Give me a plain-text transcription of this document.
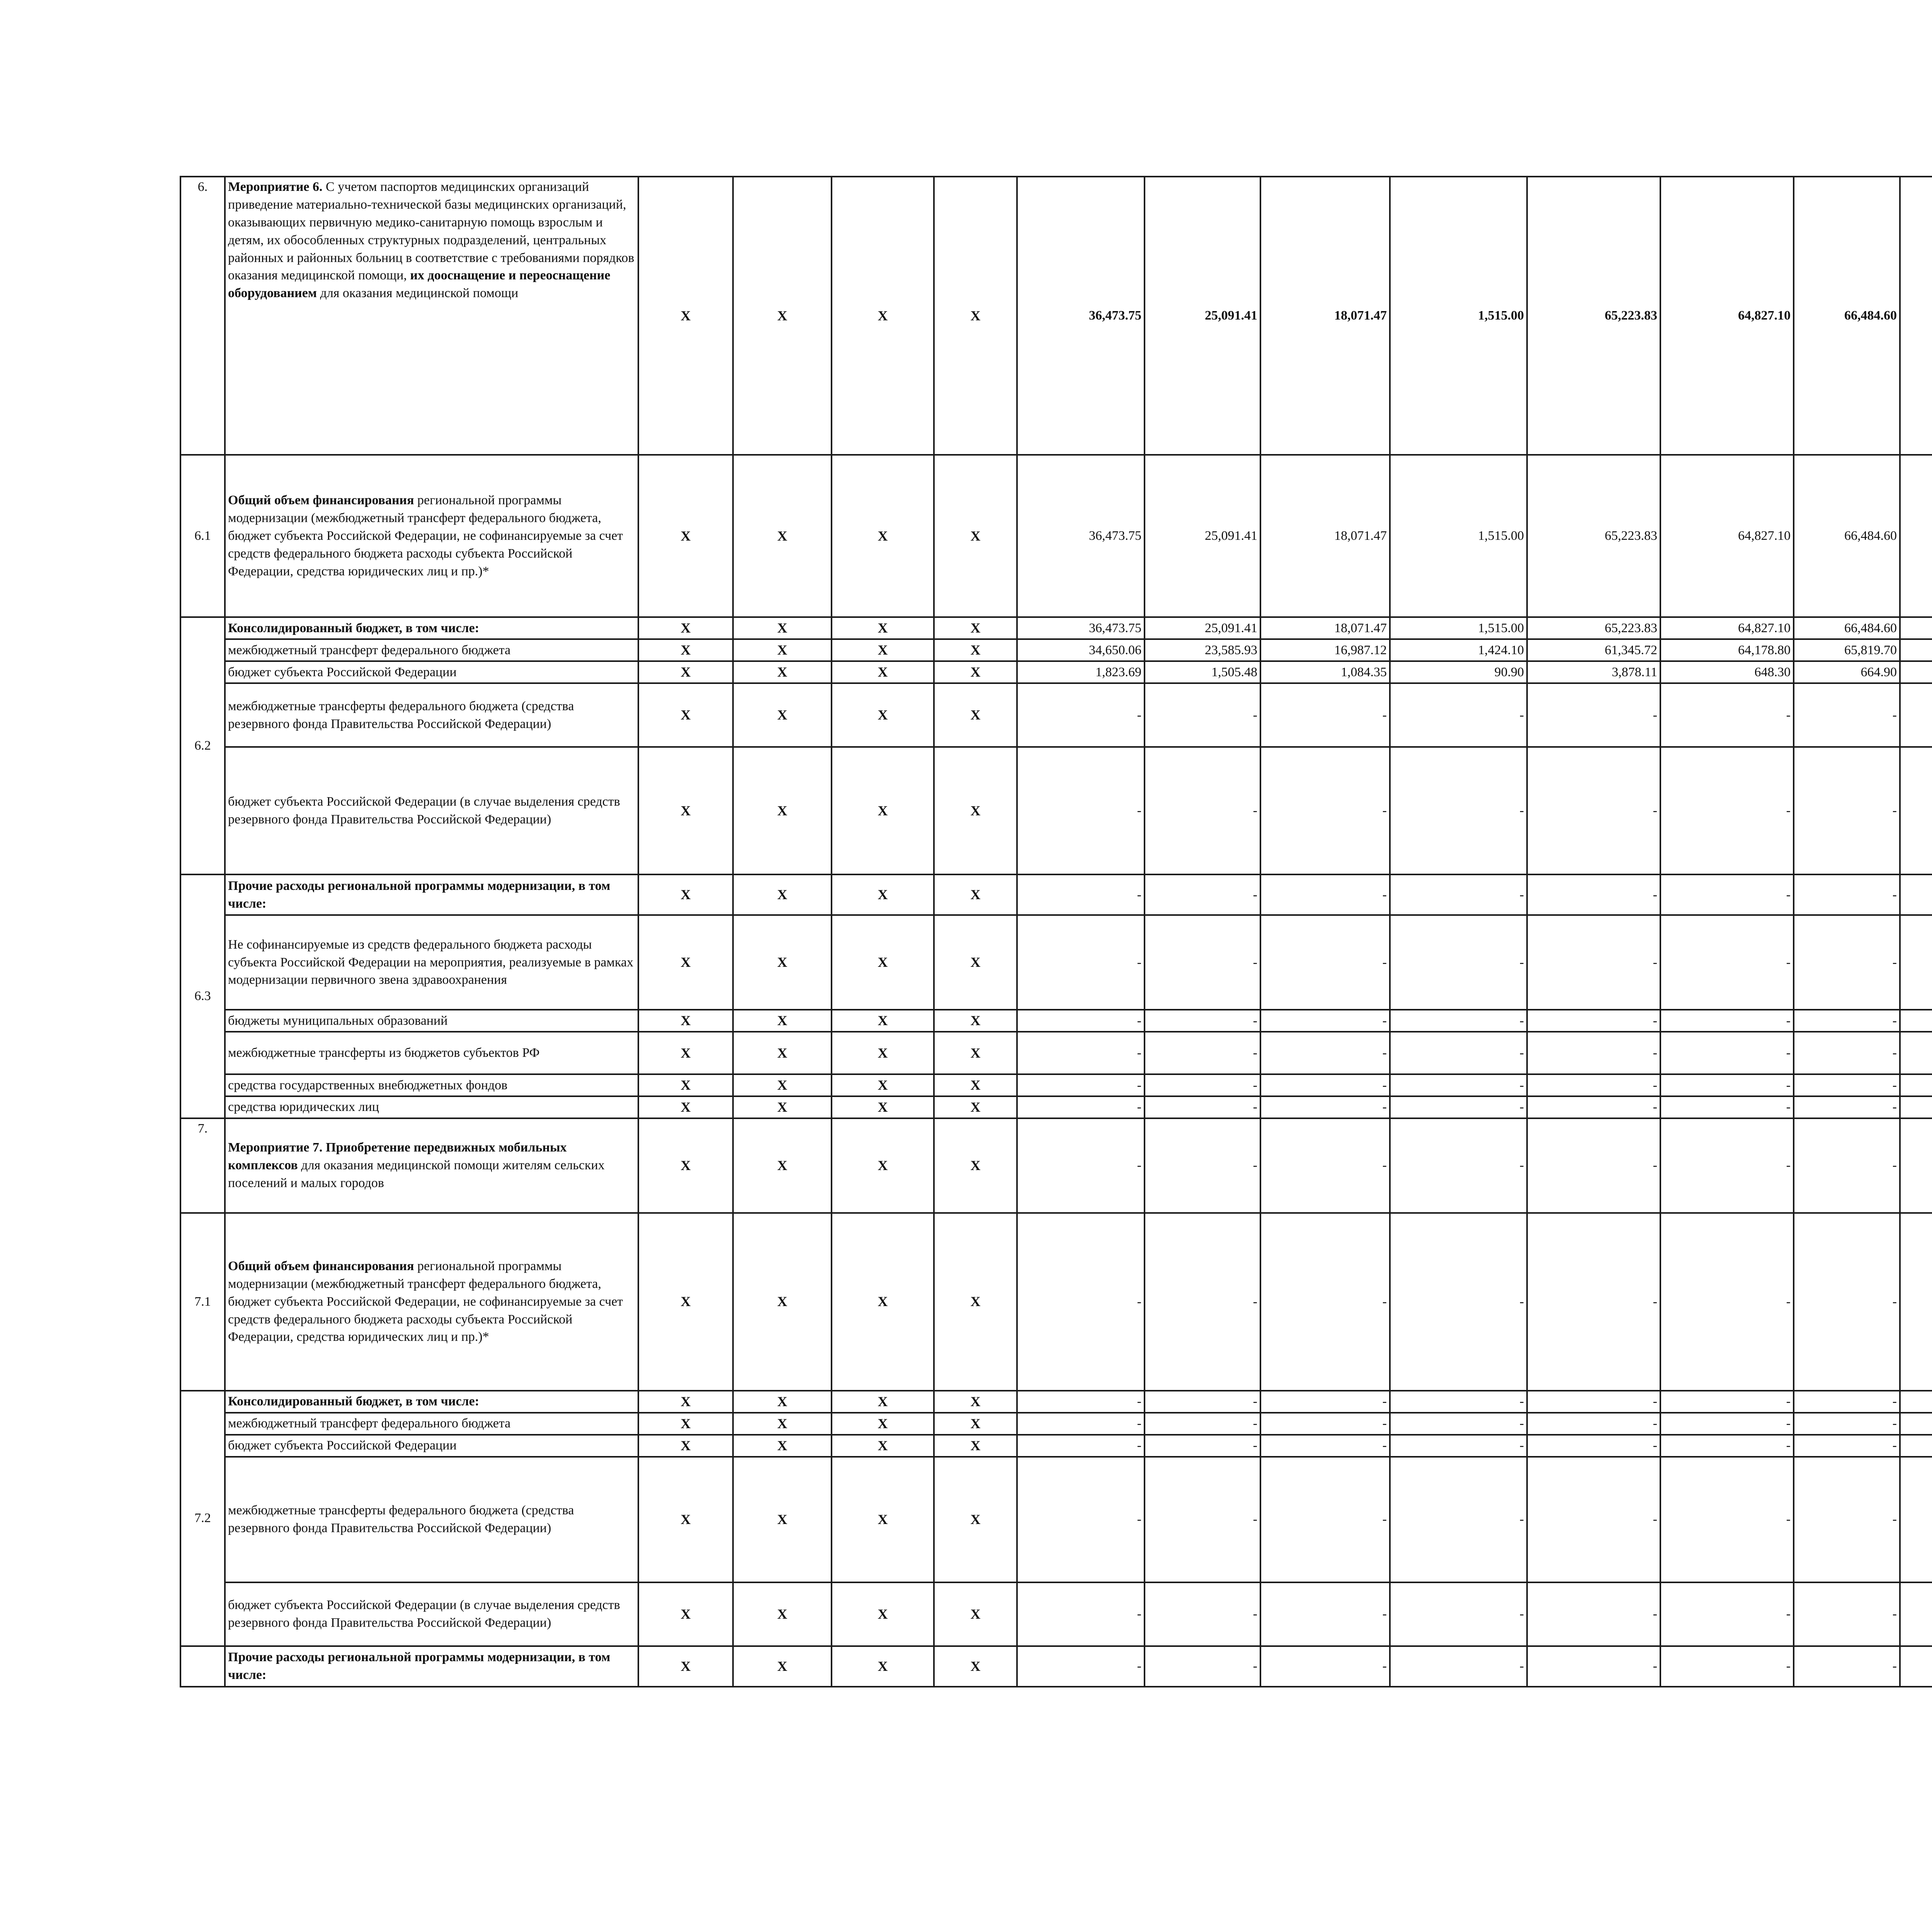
6.	Мероприятие 6. С учетом паспортов медицинских организаций приведение материально-технической базы медицинских организаций, оказывающих первичную медико-санитарную помощь взрослым и детям, их обособленных структурных подразделений, центральных районных и районных больниц в соответствие с требованиями порядков оказания медицинской помощи, их дооснащение и переоснащение оборудованием для оказания медицинской помощи	X	X	X	X	36,473.75	25,091.41	18,071.47	1,515.00	65,223.83	64,827.10	66,484.60				
6.1	Общий объем финансирования региональной программы модернизации (межбюджетный трансферт федерального бюджета, бюджет субъекта Российской Федерации, не софинансируемые за счет средств федерального бюджета расходы субъекта Российской Федерации, средства юридических лиц и пр.)*	X	X	X	X	36,473.75	25,091.41	18,071.47	1,515.00	65,223.83	64,827.10	66,484.60				
6.2	Консолидированный бюджет, в том числе:	X	X	X	X	36,473.75	25,091.41	18,071.47	1,515.00	65,223.83	64,827.10	66,484.60				
	межбюджетный трансферт федерального бюджета	X	X	X	X	34,650.06	23,585.93	16,987.12	1,424.10	61,345.72	64,178.80	65,819.70				
	бюджет субъекта Российской Федерации	X	X	X	X	1,823.69	1,505.48	1,084.35	90.90	3,878.11	648.30	664.90				
	межбюджетные трансферты федерального бюджета (средства резервного фонда Правительства Российской Федерации)	X	X	X	X	-	-	-	-	-	-	-				
	бюджет субъекта Российской Федерации (в случае выделения средств резервного фонда Правительства Российской Федерации)	X	X	X	X	-	-	-	-	-	-	-				
6.3	Прочие расходы региональной программы модернизации, в том числе:	X	X	X	X	-	-	-	-	-	-	-				
	Не софинансируемые из средств федерального бюджета расходы субъекта Российской Федерации на мероприятия, реализуемые в рамках модернизации первичного звена здравоохранения	X	X	X	X	-	-	-	-	-	-	-				
	бюджеты муниципальных образований	X	X	X	X	-	-	-	-	-	-	-				
	межбюджетные трансферты из бюджетов субъектов РФ	X	X	X	X	-	-	-	-	-	-	-				
	средства государственных внебюджетных фондов	X	X	X	X	-	-	-	-	-	-	-				
	средства юридических лиц	X	X	X	X	-	-	-	-	-	-	-				
7.	Мероприятие 7. Приобретение передвижных мобильных комплексов для оказания медицинской помощи жителям сельских поселений и малых городов	X	X	X	X	-	-	-	-	-	-	-				
7.1	Общий объем финансирования региональной программы модернизации (межбюджетный трансферт федерального бюджета, бюджет субъекта Российской Федерации, не софинансируемые за счет средств федерального бюджета расходы субъекта Российской Федерации, средства юридических лиц и пр.)*	X	X	X	X	-	-	-	-	-	-	-				
7.2	Консолидированный бюджет, в том числе:	X	X	X	X	-	-	-	-	-	-	-				
	межбюджетный трансферт федерального бюджета	X	X	X	X	-	-	-	-	-	-	-				
	бюджет субъекта Российской Федерации	X	X	X	X	-	-	-	-	-	-	-				
	межбюджетные трансферты федерального бюджета (средства резервного фонда Правительства Российской Федерации)	X	X	X	X	-	-	-	-	-	-	-				
	бюджет субъекта Российской Федерации (в случае выделения средств резервного фонда Правительства Российской Федерации)	X	X	X	X	-	-	-	-	-	-	-				
	Прочие расходы региональной программы модернизации, в том числе:	X	X	X	X	-	-	-	-	-	-	-				
